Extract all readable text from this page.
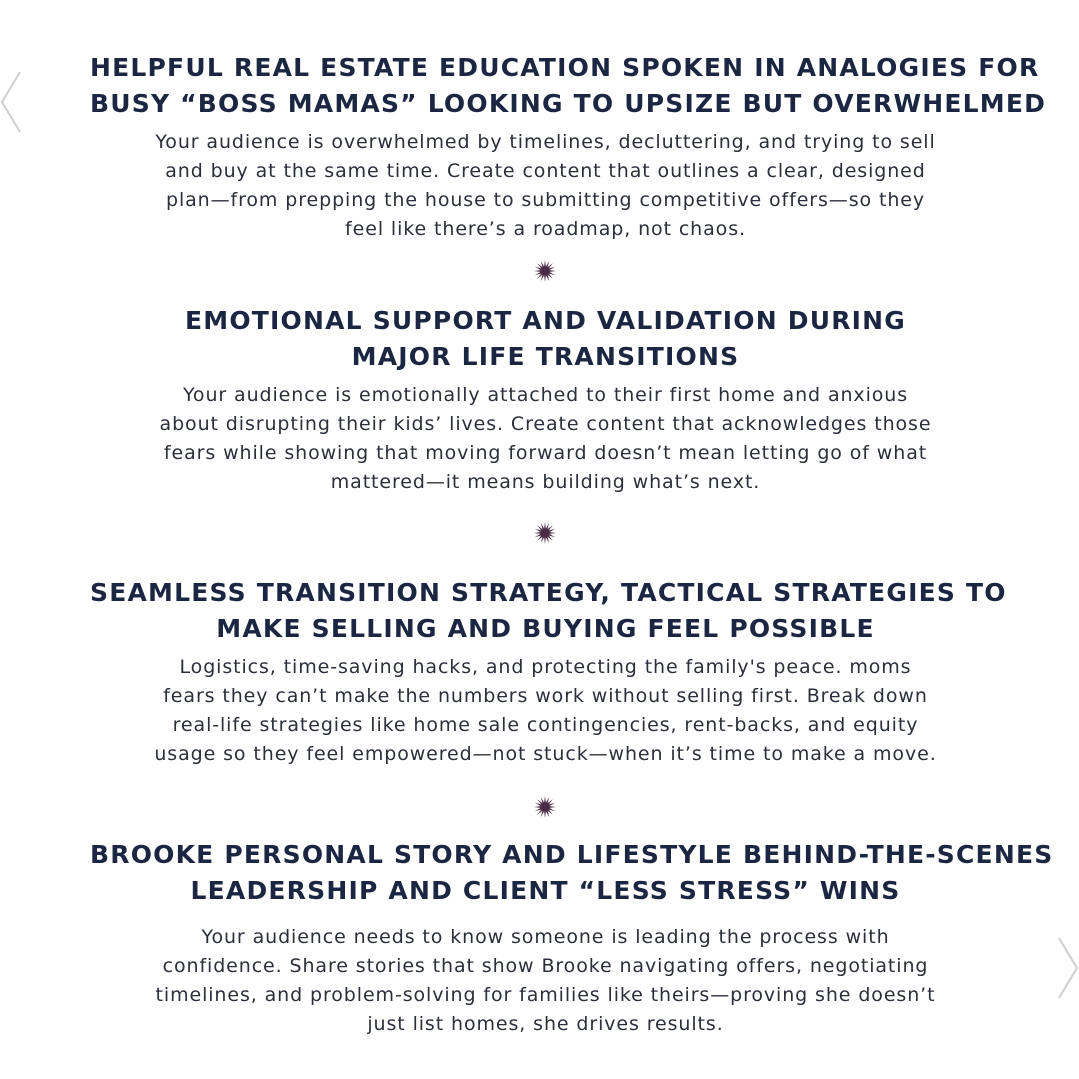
HELPFUL REAL ESTATE EDUCATION SPOKEN IN ANALOGIES FOR
BUSY “BOSS MAMAS” LOOKING TO UPSIZE BUT OVERWHELMED

Your audience is overwhelmed by timelines, decluttering, and trying to sell
and buy at the same time. Create content that outlines a clear, designed
plan—from prepping the house to submitting competitive offers—so they
feel like there’s a roadmap, not chaos.

EMOTIONAL SUPPORT AND VALIDATION DURING
MAJOR LIFE TRANSITIONS

Your audience is emotionally attached to their first home and anxious
about disrupting their kids’ lives. Create content that acknowledges those
fears while showing that moving forward doesn’t mean letting go of what
mattered—it means building what’s next.

SEAMLESS TRANSITION STRATEGY, TACTICAL STRATEGIES TO
MAKE SELLING AND BUYING FEEL POSSIBLE

Logistics, time-saving hacks, and protecting the family's peace. moms
fears they can’t make the numbers work without selling first. Break down
real-life strategies like home sale contingencies, rent-backs, and equity
usage so they feel empowered—not stuck—when it’s time to make a move.

BROOKE PERSONAL STORY AND LIFESTYLE BEHIND-THE-SCENES
LEADERSHIP AND CLIENT “LESS STRESS” WINS

Your audience needs to know someone is leading the process with
confidence. Share stories that show Brooke navigating offers, negotiating
timelines, and problem-solving for families like theirs—proving she doesn’t
just list homes, she drives results.
